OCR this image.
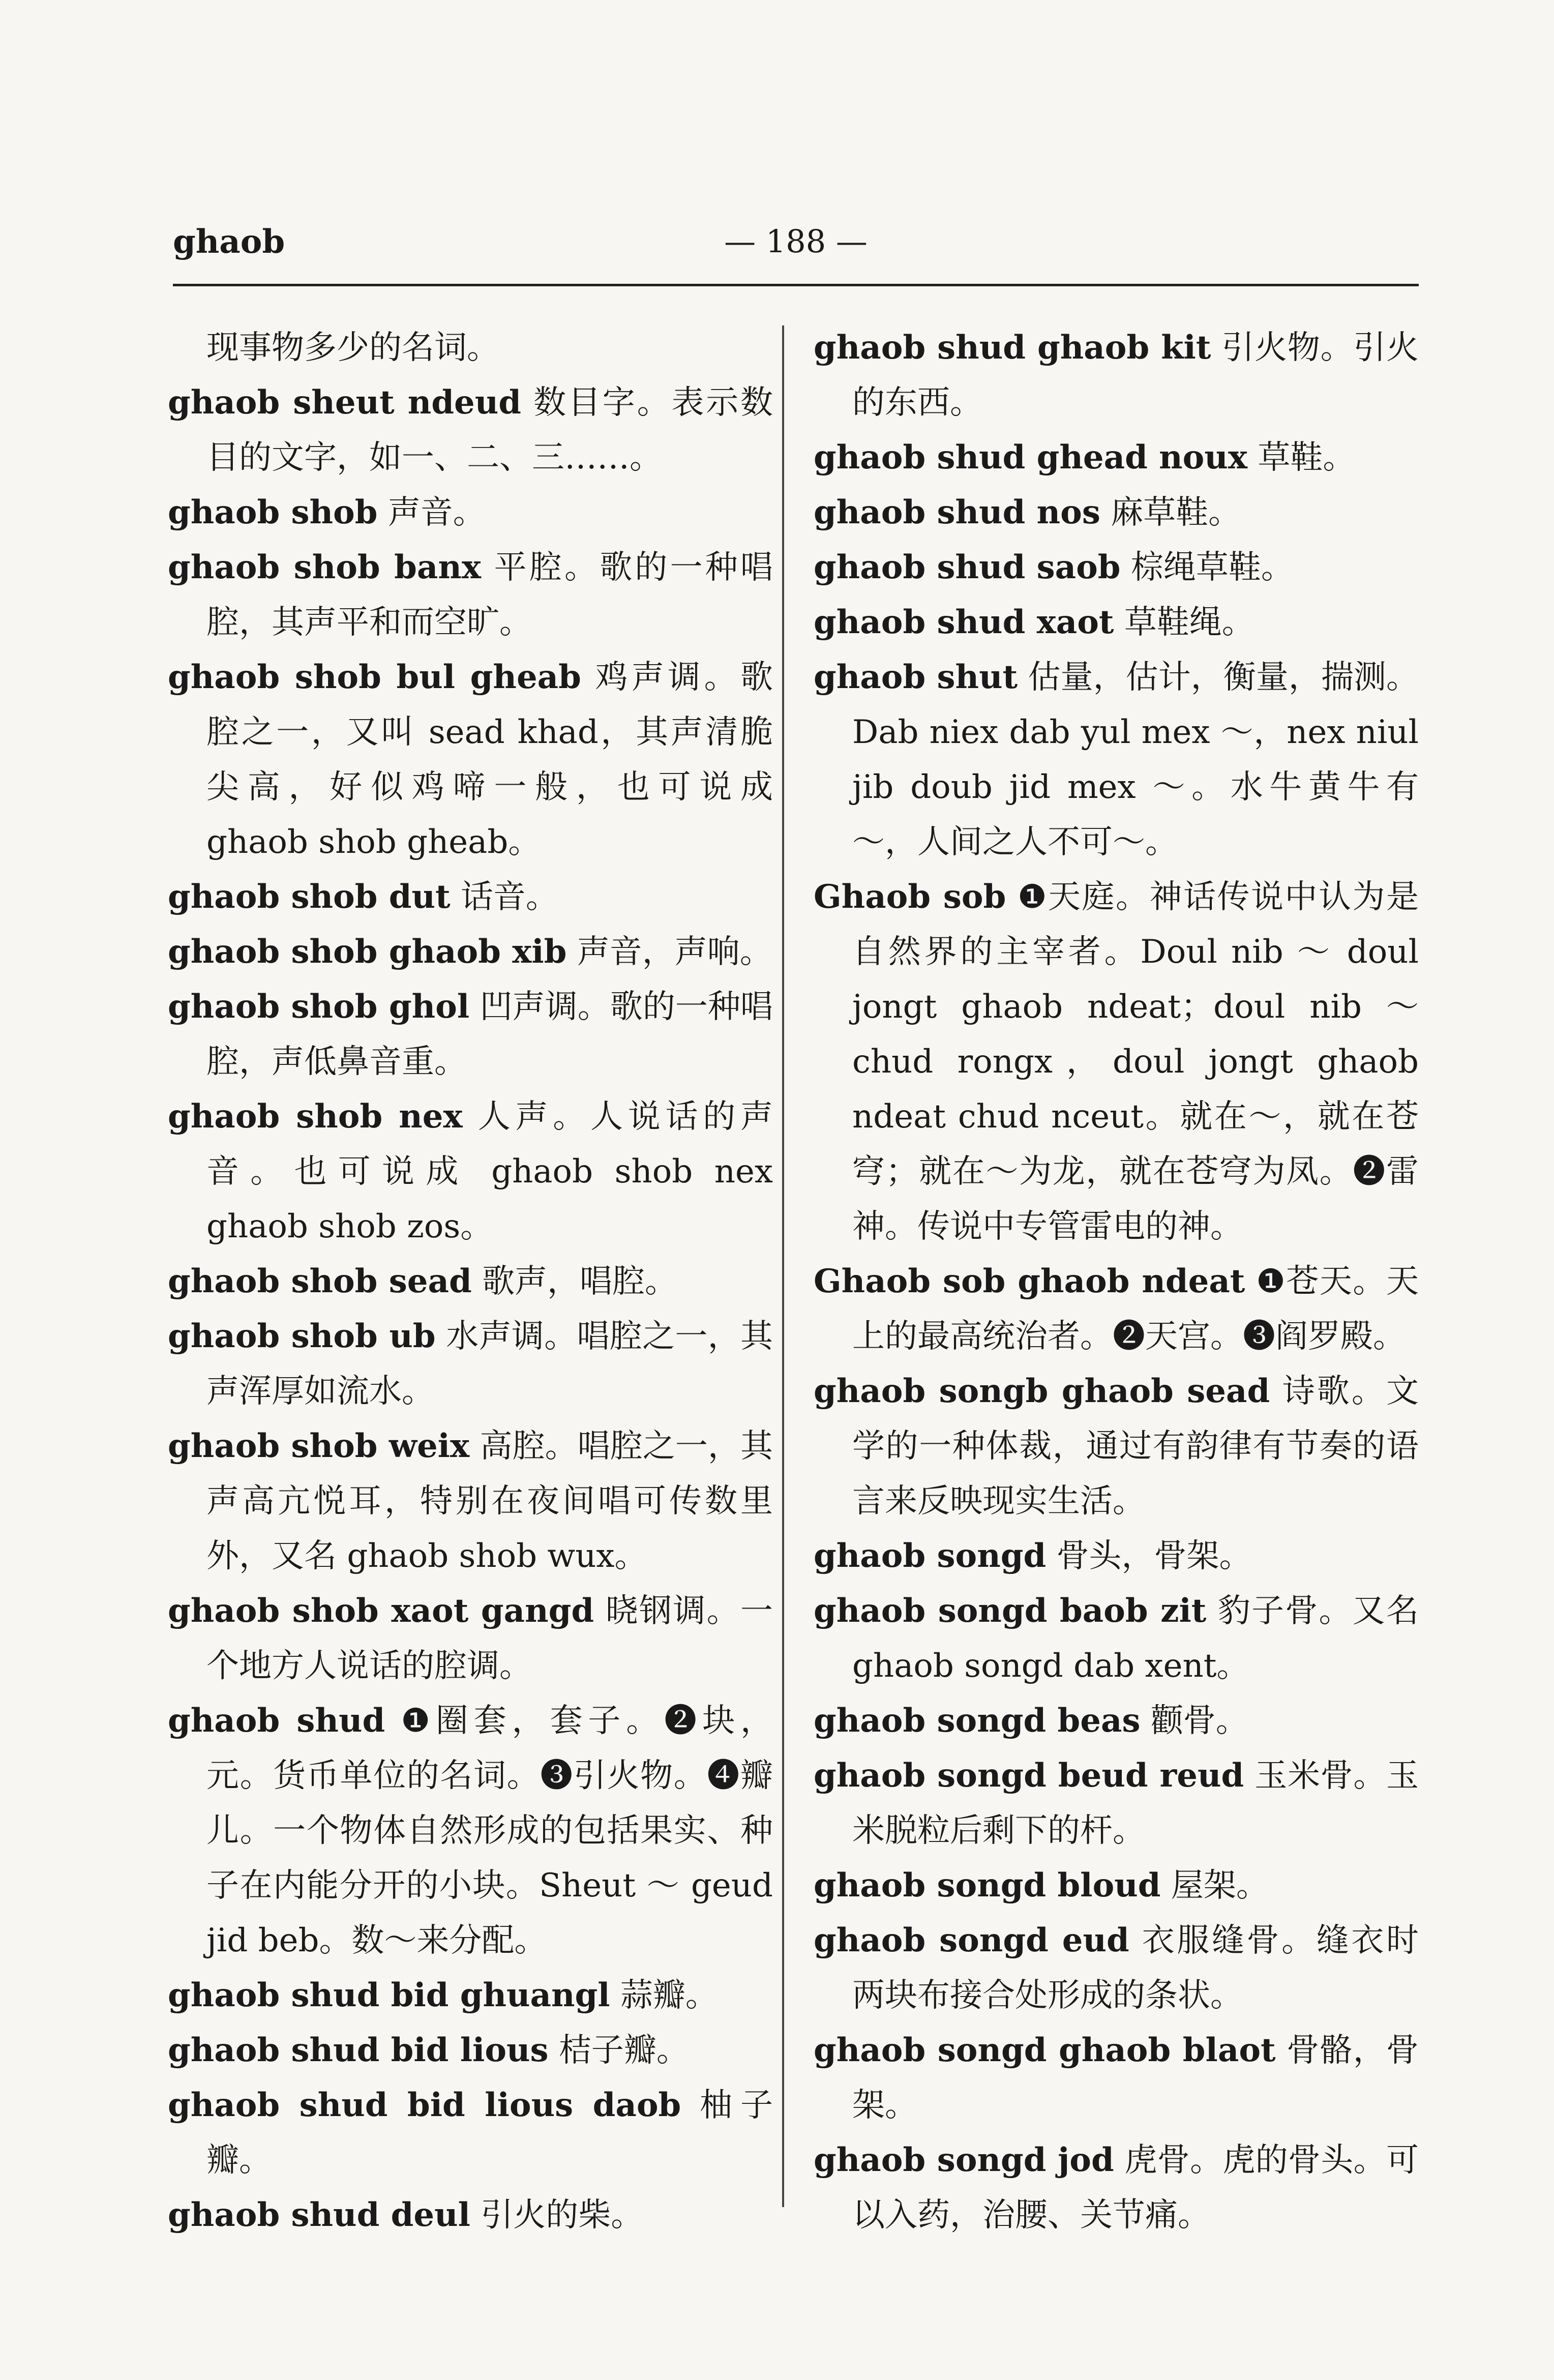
ghaob	— 188 —
现事物多少的名词。
ghaob sheut ndeud 数目字。表示数目的文字，如一、二、三……。
ghaob shob 声音。
ghaob shob banx 平腔。歌的一种唱腔，其声平和而空旷。
ghaob shob bul gheab 鸡声调。歌腔之一，又叫 sead khad，其声清脆尖高，好似鸡啼一般，也可说成 ghaob shob gheab。
ghaob shob dut 话音。
ghaob shob ghaob xib 声音，声响。
ghaob shob ghol 凹声调。歌的一种唱腔，声低鼻音重。
ghaob shob nex 人声。人说话的声音。也可说成 ghaob shob nex ghaob shob zos。
ghaob shob sead 歌声，唱腔。
ghaob shob ub 水声调。唱腔之一，其声浑厚如流水。
ghaob shob weix 高腔。唱腔之一，其声高亢悦耳，特别在夜间唱可传数里外，又名 ghaob shob wux。
ghaob shob xaot gangd 晓钢调。一个地方人说话的腔调。
ghaob shud ❶圈套，套子。❷块，元。货币单位的名词。❸引火物。❹瓣儿。一个物体自然形成的包括果实、种子在内能分开的小块。Sheut ～ geud jid beb。数～来分配。
ghaob shud bid ghuangl 蒜瓣。
ghaob shud bid lious 桔子瓣。
ghaob shud bid lious daob 柚子瓣。
ghaob shud deul 引火的柴。
ghaob shud ghaob kit 引火物。引火的东西。
ghaob shud ghead noux 草鞋。
ghaob shud nos 麻草鞋。
ghaob shud saob 棕绳草鞋。
ghaob shud xaot 草鞋绳。
ghaob shut 估量，估计，衡量，揣测。Dab niex dab yul mex ～，nex niul jib doub jid mex ～。水牛黄牛有～，人间之人不可～。
Ghaob sob ❶天庭。神话传说中认为是自然界的主宰者。Doul nib ～ doul jongt ghaob ndeat；doul nib ～ chud rongx，doul jongt ghaob ndeat chud nceut。就在～，就在苍穹；就在～为龙，就在苍穹为凤。❷雷神。传说中专管雷电的神。
Ghaob sob ghaob ndeat ❶苍天。天上的最高统治者。❷天宫。❸阎罗殿。
ghaob songb ghaob sead 诗歌。文学的一种体裁，通过有韵律有节奏的语言来反映现实生活。
ghaob songd 骨头，骨架。
ghaob songd baob zit 豹子骨。又名 ghaob songd dab xent。
ghaob songd beas 颧骨。
ghaob songd beud reud 玉米骨。玉米脱粒后剩下的杆。
ghaob songd bloud 屋架。
ghaob songd eud 衣服缝骨。缝衣时两块布接合处形成的条状。
ghaob songd ghaob blaot 骨骼，骨架。
ghaob songd jod 虎骨。虎的骨头。可以入药，治腰、关节痛。
